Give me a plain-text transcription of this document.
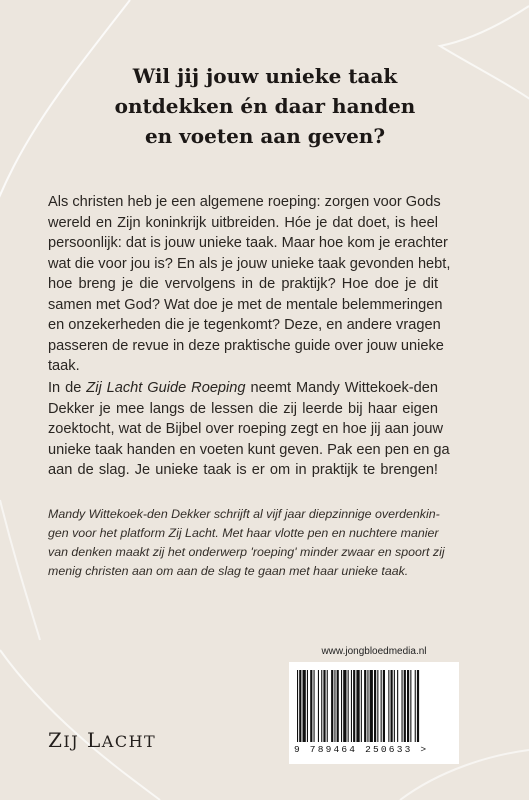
Wil jij jouw unieke taak
ontdekken én daar handen
en voeten aan geven?

Als christen heb je een algemene roeping: zorgen voor Gods
wereld en Zijn koninkrijk uitbreiden. Hóe je dat doet, is heel
persoonlijk: dat is jouw unieke taak. Maar hoe kom je erachter
wat die voor jou is? En als je jouw unieke taak gevonden hebt,
hoe breng je die vervolgens in de praktijk? Hoe doe je dit
samen met God? Wat doe je met de mentale belemmeringen
en onzekerheden die je tegenkomt? Deze, en andere vragen
passeren de revue in deze praktische guide over jouw unieke
taak.

In de Zij Lacht Guide Roeping neemt Mandy Wittekoek-den
Dekker je mee langs de lessen die zij leerde bij haar eigen
zoektocht, wat de Bijbel over roeping zegt en hoe jij aan jouw
unieke taak handen en voeten kunt geven. Pak een pen en ga
aan de slag. Je unieke taak is er om in praktijk te brengen!

Mandy Wittekoek-den Dekker schrijft al vijf jaar diepzinnige overdenkin-
gen voor het platform Zij Lacht. Met haar vlotte pen en nuchtere manier
van denken maakt zij het onderwerp 'roeping' minder zwaar en spoort zij
menig christen aan om aan de slag te gaan met haar unieke taak.

ZIJ LACHT
www.jongbloedmedia.nl
9 789464 250633 >
